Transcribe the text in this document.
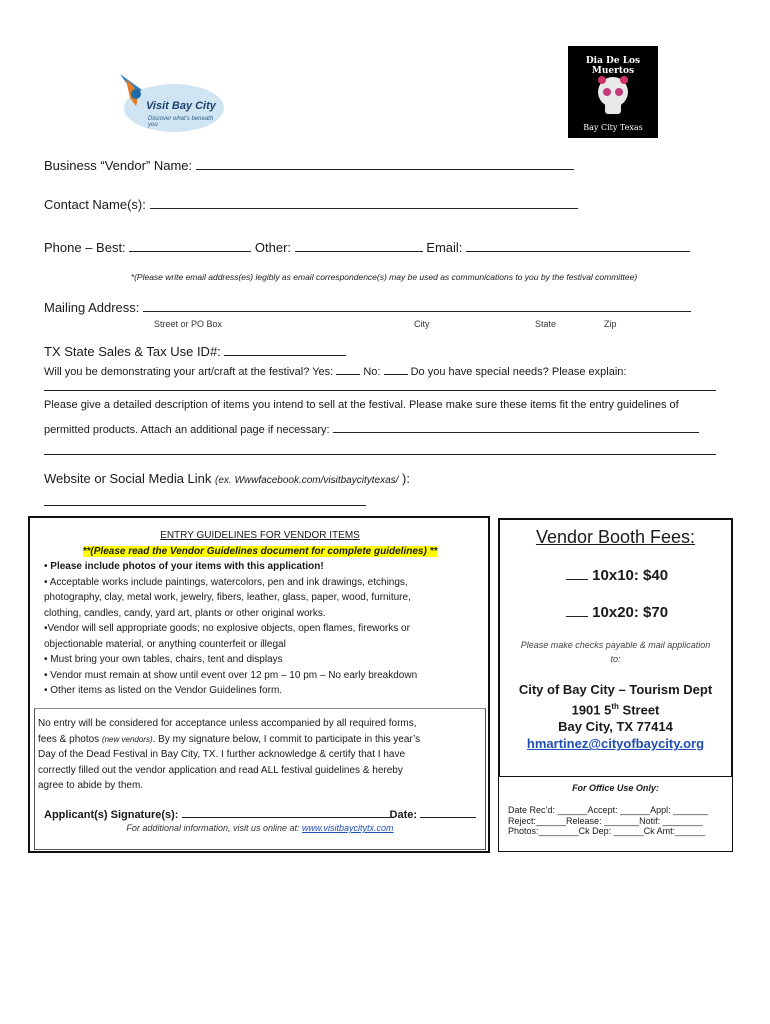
Visit Bay City
Discover what's beneath you
Dia De Los Muertos
Bay City Texas
Business “Vendor” Name:
Contact Name(s):
Phone – Best:	Other:	Email:
*(Please write email address(es) legibly as email correspondence(s) may be used as communications to you by the festival committee)
Mailing Address:
Street or PO Box	City	State	Zip
TX State Sales & Tax Use ID#:
Will you be demonstrating your art/craft at the festival? Yes:	No:	Do you have special needs? Please explain:
Please give a detailed description of items you intend to sell at the festival. Please make sure these items fit the entry guidelines of
permitted products. Attach an additional page if necessary:
Website or Social Media Link (ex. Wwwfacebook.com/visitbaycitytexas/ ):
ENTRY GUIDELINES FOR VENDOR ITEMS
**(Please read the Vendor Guidelines document for complete guidelines) **
• Please include photos of your items with this application!
• Acceptable works include paintings, watercolors, pen and ink drawings, etchings,
photography, clay, metal work, jewelry, fibers, leather, glass, paper, wood, furniture,
clothing, candles, candy, yard art, plants or other original works.
•Vendor will sell appropriate goods; no explosive objects, open flames, fireworks or
objectionable material, or anything counterfeit or illegal
• Must bring your own tables, chairs, tent and displays
• Vendor must remain at show until event over 12 pm – 10 pm – No early breakdown
• Other items as listed on the Vendor Guidelines form.
No entry will be considered for acceptance unless accompanied by all required forms,
fees & photos (new vendors). By my signature below, I commit to participate in this year’s
Day of the Dead Festival in Bay City, TX. I further acknowledge & certify that I have
correctly filled out the vendor application and read ALL festival guidelines & hereby
agree to abide by them.
Applicant(s) Signature(s):	Date:
For additional information, visit us online at: www.visitbaycitytx.com
Vendor Booth Fees:
10x10: $40
10x20: $70
Please make checks payable & mail application
to:
City of Bay City – Tourism Dept
1901 5th Street
Bay City, TX 77414
hmartinez@cityofbaycity.org
For Office Use Only:
Date Rec’d: ______Accept: ______Appl: _______
Reject:______Release: _______Notif: ________
Photos:________Ck Dep: ______Ck Amt:______
